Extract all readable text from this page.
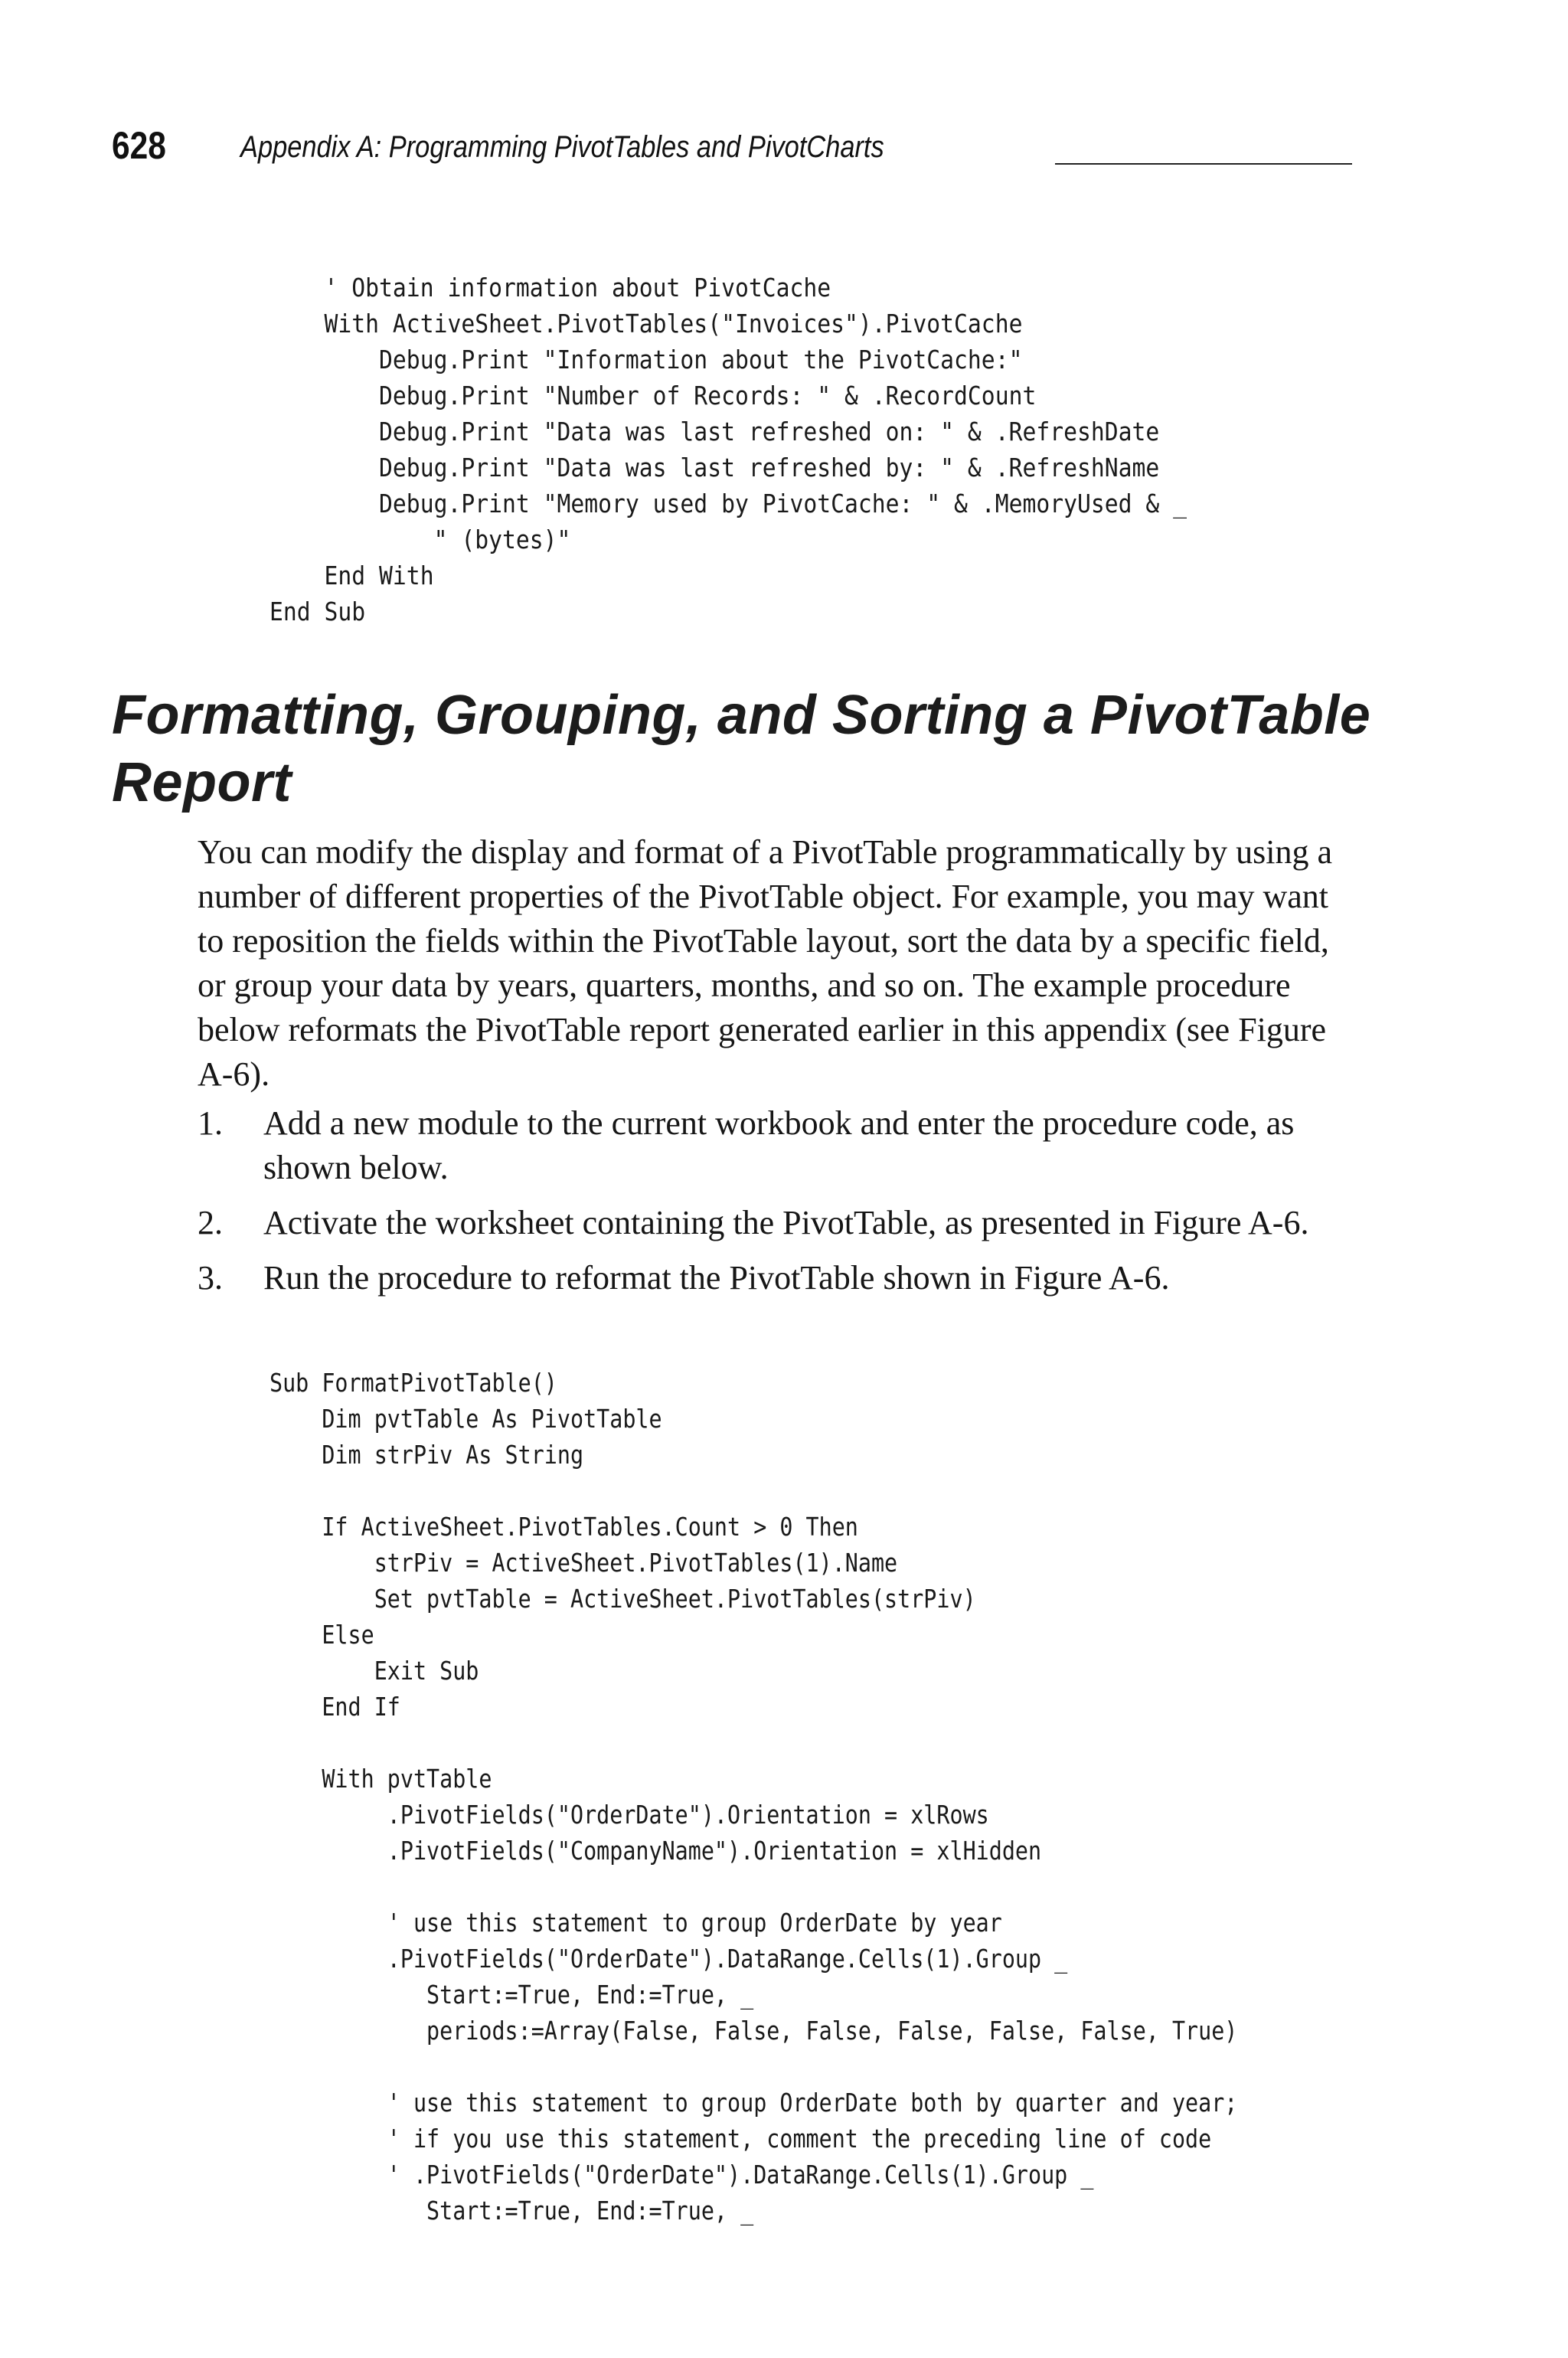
628 Appendix A: Programming PivotTables and PivotCharts
' Obtain information about PivotCache
With ActiveSheet.PivotTables("Invoices").PivotCache
Debug.Print "Information about the PivotCache:"
Debug.Print "Number of Records: " & .RecordCount
Debug.Print "Data was last refreshed on: " & .RefreshDate
Debug.Print "Data was last refreshed by: " & .RefreshName
Debug.Print "Memory used by PivotCache: " & .MemoryUsed & _
" (bytes)"
End With
End Sub
Formatting, Grouping, and Sorting a PivotTable Report

You can modify the display and format of a PivotTable programmatically by using a number of different properties of the PivotTable object. For example, you may want to reposition the fields within the PivotTable layout, sort the data by a specific field, or group your data by years, quarters, months, and so on. The example procedure below reformats the PivotTable report generated earlier in this appendix (see Figure A-6).

1.	Add a new module to the current workbook and enter the procedure code, as shown below.
2.	Activate the worksheet containing the PivotTable, as presented in Figure A-6.
3.	Run the procedure to reformat the PivotTable shown in Figure A-6.
Sub FormatPivotTable()
Dim pvtTable As PivotTable
Dim strPiv As String

If ActiveSheet.PivotTables.Count > 0 Then
strPiv = ActiveSheet.PivotTables(1).Name
Set pvtTable = ActiveSheet.PivotTables(strPiv)
Else
Exit Sub
End If

With pvtTable
.PivotFields("OrderDate").Orientation = xlRows
.PivotFields("CompanyName").Orientation = xlHidden

' use this statement to group OrderDate by year
.PivotFields("OrderDate").DataRange.Cells(1).Group _
Start:=True, End:=True, _
periods:=Array(False, False, False, False, False, False, True)

' use this statement to group OrderDate both by quarter and year;
' if you use this statement, comment the preceding line of code
' .PivotFields("OrderDate").DataRange.Cells(1).Group _
Start:=True, End:=True, _
